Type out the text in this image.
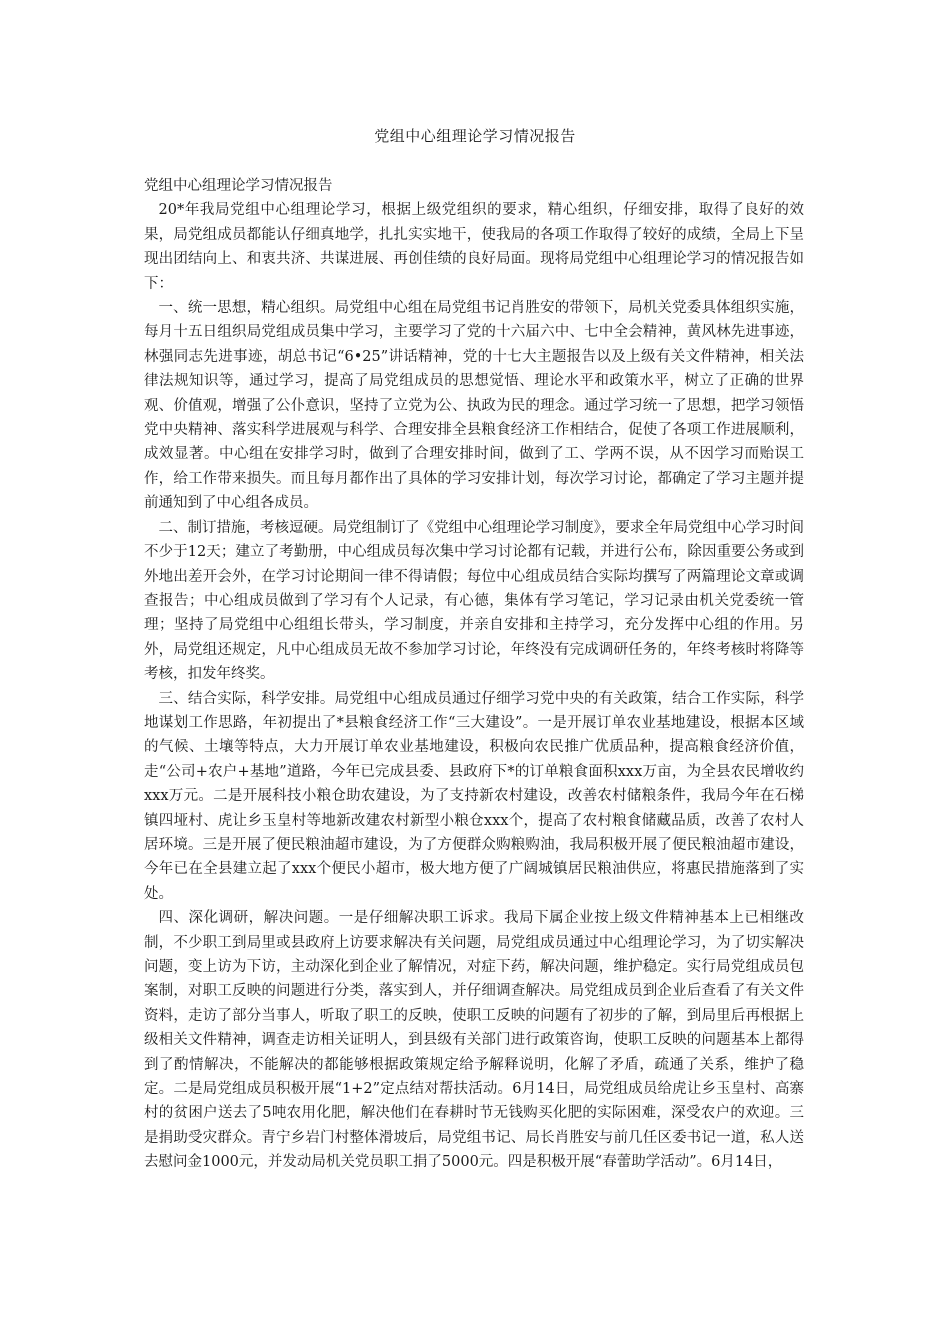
党组中心组理论学习情况报告

党组中心组理论学习情况报告

20*年我局党组中心组理论学习，根据上级党组织的要求，精心组织，仔细安排，取得了良好的效果，局党组成员都能认仔细真地学，扎扎实实地干，使我局的各项工作取得了较好的成绩，全局上下呈现出团结向上、和衷共济、共谋进展、再创佳绩的良好局面。现将局党组中心组理论学习的情况报告如下：

一、统一思想，精心组织。局党组中心组在局党组书记肖胜安的带领下，局机关党委具体组织实施，每月十五日组织局党组成员集中学习，主要学习了党的十六届六中、七中全会精神，黄风林先进事迹，林强同志先进事迹，胡总书记“6•25”讲话精神，党的十七大主题报告以及上级有关文件精神，相关法律法规知识等，通过学习，提高了局党组成员的思想觉悟、理论水平和政策水平，树立了正确的世界观、价值观，增强了公仆意识，坚持了立党为公、执政为民的理念。通过学习统一了思想，把学习领悟党中央精神、落实科学进展观与科学、合理安排全县粮食经济工作相结合，促使了各项工作进展顺利，成效显著。中心组在安排学习时，做到了合理安排时间，做到了工、学两不误，从不因学习而贻误工作，给工作带来损失。而且每月都作出了具体的学习安排计划，每次学习讨论，都确定了学习主题并提前通知到了中心组各成员。

二、制订措施，考核逗硬。局党组制订了《党组中心组理论学习制度》，要求全年局党组中心学习时间不少于12天；建立了考勤册，中心组成员每次集中学习讨论都有记载，并进行公布，除因重要公务或到外地出差开会外，在学习讨论期间一律不得请假；每位中心组成员结合实际均撰写了两篇理论文章或调查报告；中心组成员做到了学习有个人记录，有心德，集体有学习笔记，学习记录由机关党委统一管理；坚持了局党组中心组组长带头，学习制度，并亲自安排和主持学习，充分发挥中心组的作用。另外，局党组还规定，凡中心组成员无故不参加学习讨论，年终没有完成调研任务的，年终考核时将降等考核，扣发年终奖。

三、结合实际，科学安排。局党组中心组成员通过仔细学习党中央的有关政策，结合工作实际，科学地谋划工作思路，年初提出了*县粮食经济工作“三大建设”。一是开展订单农业基地建设，根据本区域的气候、土壤等特点，大力开展订单农业基地建设，积极向农民推广优质品种，提高粮食经济价值，走“公司+农户+基地”道路，今年已完成县委、县政府下*的订单粮食面积xxx万亩，为全县农民增收约xxx万元。二是开展科技小粮仓助农建设，为了支持新农村建设，改善农村储粮条件，我局今年在石梯镇四垭村、虎让乡玉皇村等地新改建农村新型小粮仓xxx个，提高了农村粮食储藏品质，改善了农村人居环境。三是开展了便民粮油超市建设，为了方便群众购粮购油，我局积极开展了便民粮油超市建设，今年已在全县建立起了xxx个便民小超市，极大地方便了广阔城镇居民粮油供应，将惠民措施落到了实处。

四、深化调研，解决问题。一是仔细解决职工诉求。我局下属企业按上级文件精神基本上已相继改制，不少职工到局里或县政府上访要求解决有关问题，局党组成员通过中心组理论学习，为了切实解决问题，变上访为下访，主动深化到企业了解情况，对症下药，解决问题，维护稳定。实行局党组成员包案制，对职工反映的问题进行分类，落实到人，并仔细调查解决。局党组成员到企业后查看了有关文件资料，走访了部分当事人，听取了职工的反映，使职工反映的问题有了初步的了解，到局里后再根据上级相关文件精神，调查走访相关证明人，到县级有关部门进行政策咨询，使职工反映的问题基本上都得到了酌情解决，不能解决的都能够根据政策规定给予解释说明，化解了矛盾，疏通了关系，维护了稳定。二是局党组成员积极开展“1+2”定点结对帮扶活动。6月14日，局党组成员给虎让乡玉皇村、高寨村的贫困户送去了5吨农用化肥，解决他们在春耕时节无钱购买化肥的实际困难，深受农户的欢迎。三是捐助受灾群众。青宁乡岩门村整体滑坡后，局党组书记、局长肖胜安与前几任区委书记一道，私人送去慰问金1000元，并发动局机关党员职工捐了5000元。四是积极开展“春蕾助学活动”。6月14日，
